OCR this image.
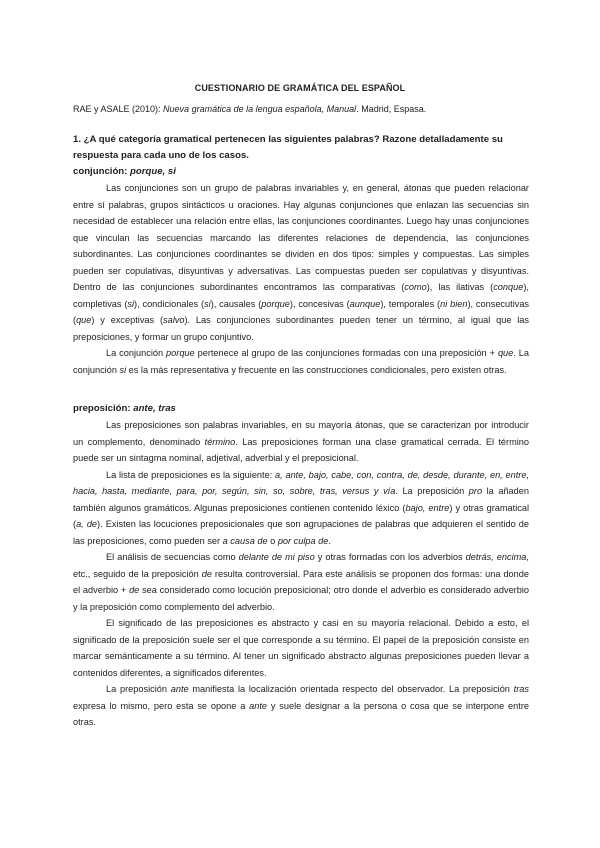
CUESTIONARIO DE GRAMÁTICA DEL ESPAÑOL
RAE y ASALE (2010): Nueva gramática de la lengua española, Manual. Madrid, Espasa.

1. ¿A qué categoría gramatical pertenecen las siguientes palabras? Razone detalladamente su respuesta para cada uno de los casos.

conjunción: porque, si

Las conjunciones son un grupo de palabras invariables y, en general, átonas que pueden relacionar entre sí palabras, grupos sintácticos u oraciones. Hay algunas conjunciones que enlazan las secuencias sin necesidad de establecer una relación entre ellas, las conjunciones coordinantes. Luego hay unas conjunciones que vinculan las secuencias marcando las diferentes relaciones de dependencia, las conjunciones subordinantes. Las conjunciones coordinantes se dividen en dos tipos: simples y compuestas. Las simples pueden ser copulativas, disyuntivas y adversativas. Las compuestas pueden ser copulativas y disyuntivas. Dentro de las conjunciones subordinantes encontramos las comparativas (como), las ilativas (conque), completivas (si), condicionales (si), causales (porque), concesivas (aunque), temporales (ni bien), consecutivas (que) y exceptivas (salvo). Las conjunciones subordinantes pueden tener un término, al igual que las preposiciones, y formar un grupo conjuntivo.

La conjunción porque pertenece al grupo de las conjunciones formadas con una preposición + que. La conjunción si es la más representativa y frecuente en las construcciones condicionales, pero existen otras.

preposición: ante, tras

Las preposiciones son palabras invariables, en su mayoría átonas, que se caracterizan por introducir un complemento, denominado término. Las preposiciones forman una clase gramatical cerrada. El término puede ser un sintagma nominal, adjetival, adverbial y el preposicional.

La lista de preposiciones es la siguiente: a, ante, bajo, cabe, con, contra, de, desde, durante, en, entre, hacia, hasta, mediante, para, por, según, sin, so, sobre, tras, versus y vía. La preposición pro la añaden también algunos gramáticos. Algunas preposiciones contienen contenido léxico (bajo, entre) y otras gramatical (a, de). Existen las locuciones preposicionales que son agrupaciones de palabras que adquieren el sentido de las preposiciones, como pueden ser a causa de o por culpa de.

El análisis de secuencias como delante de mi piso y otras formadas con los adverbios detrás, encima, etc., seguido de la preposición de resulta controversial. Para este análisis se proponen dos formas: una donde el adverbio + de sea considerado como locución preposicional; otro donde el adverbio es considerado adverbio y la preposición como complemento del adverbio.

El significado de las preposiciones es abstracto y casi en su mayoría relacional. Debido a esto, el significado de la preposición suele ser el que corresponde a su término. El papel de la preposición consiste en marcar semánticamente a su término. Al tener un significado abstracto algunas preposiciones pueden llevar a contenidos diferentes, a significados diferentes.

La preposición ante manifiesta la localización orientada respecto del observador. La preposición tras expresa lo mismo, pero esta se opone a ante y suele designar a la persona o cosa que se interpone entre otras.
